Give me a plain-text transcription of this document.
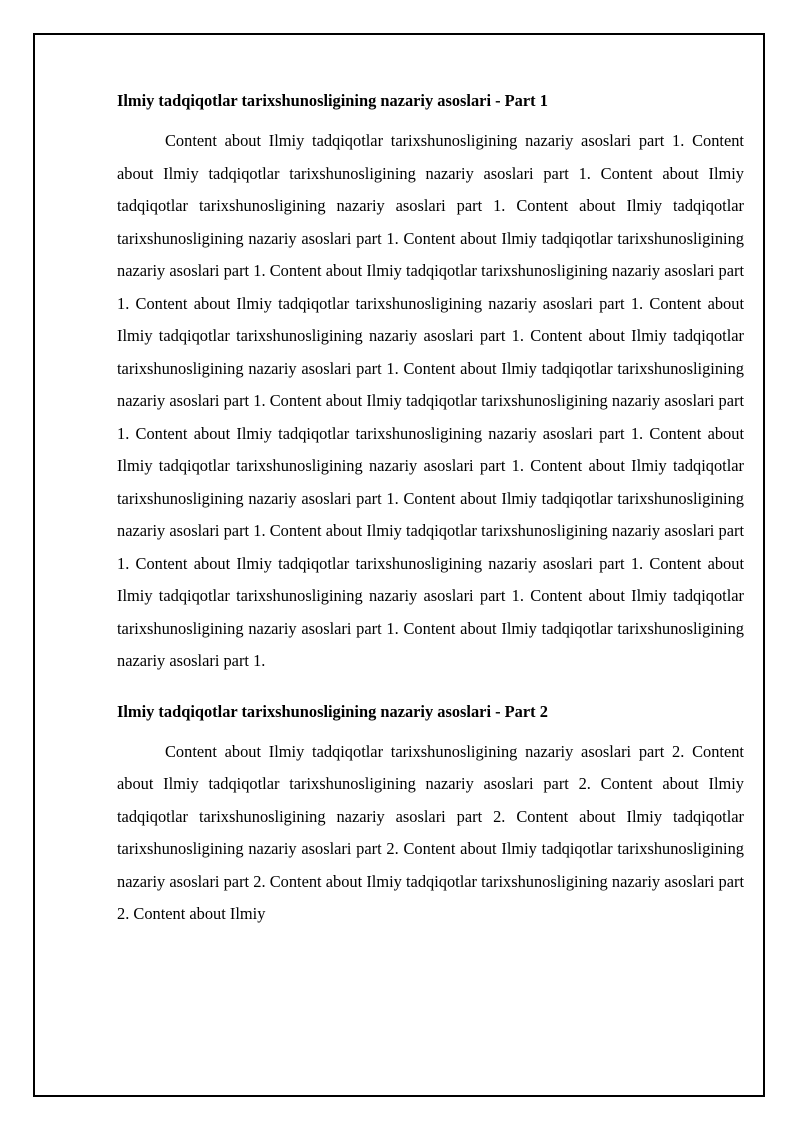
Ilmiy tadqiqotlar tarixshunosligining nazariy asoslari - Part 1

Content about Ilmiy tadqiqotlar tarixshunosligining nazariy asoslari part 1. Content about Ilmiy tadqiqotlar tarixshunosligining nazariy asoslari part 1. Content about Ilmiy tadqiqotlar tarixshunosligining nazariy asoslari part 1. Content about Ilmiy tadqiqotlar tarixshunosligining nazariy asoslari part 1. Content about Ilmiy tadqiqotlar tarixshunosligining nazariy asoslari part 1. Content about Ilmiy tadqiqotlar tarixshunosligining nazariy asoslari part 1. Content about Ilmiy tadqiqotlar tarixshunosligining nazariy asoslari part 1. Content about Ilmiy tadqiqotlar tarixshunosligining nazariy asoslari part 1. Content about Ilmiy tadqiqotlar tarixshunosligining nazariy asoslari part 1. Content about Ilmiy tadqiqotlar tarixshunosligining nazariy asoslari part 1. Content about Ilmiy tadqiqotlar tarixshunosligining nazariy asoslari part 1. Content about Ilmiy tadqiqotlar tarixshunosligining nazariy asoslari part 1. Content about Ilmiy tadqiqotlar tarixshunosligining nazariy asoslari part 1. Content about Ilmiy tadqiqotlar tarixshunosligining nazariy asoslari part 1. Content about Ilmiy tadqiqotlar tarixshunosligining nazariy asoslari part 1. Content about Ilmiy tadqiqotlar tarixshunosligining nazariy asoslari part 1. Content about Ilmiy tadqiqotlar tarixshunosligining nazariy asoslari part 1. Content about Ilmiy tadqiqotlar tarixshunosligining nazariy asoslari part 1. Content about Ilmiy tadqiqotlar tarixshunosligining nazariy asoslari part 1. Content about Ilmiy tadqiqotlar tarixshunosligining nazariy asoslari part 1.

Ilmiy tadqiqotlar tarixshunosligining nazariy asoslari - Part 2

Content about Ilmiy tadqiqotlar tarixshunosligining nazariy asoslari part 2. Content about Ilmiy tadqiqotlar tarixshunosligining nazariy asoslari part 2. Content about Ilmiy tadqiqotlar tarixshunosligining nazariy asoslari part 2. Content about Ilmiy tadqiqotlar tarixshunosligining nazariy asoslari part 2. Content about Ilmiy tadqiqotlar tarixshunosligining nazariy asoslari part 2. Content about Ilmiy tadqiqotlar tarixshunosligining nazariy asoslari part 2. Content about Ilmiy
